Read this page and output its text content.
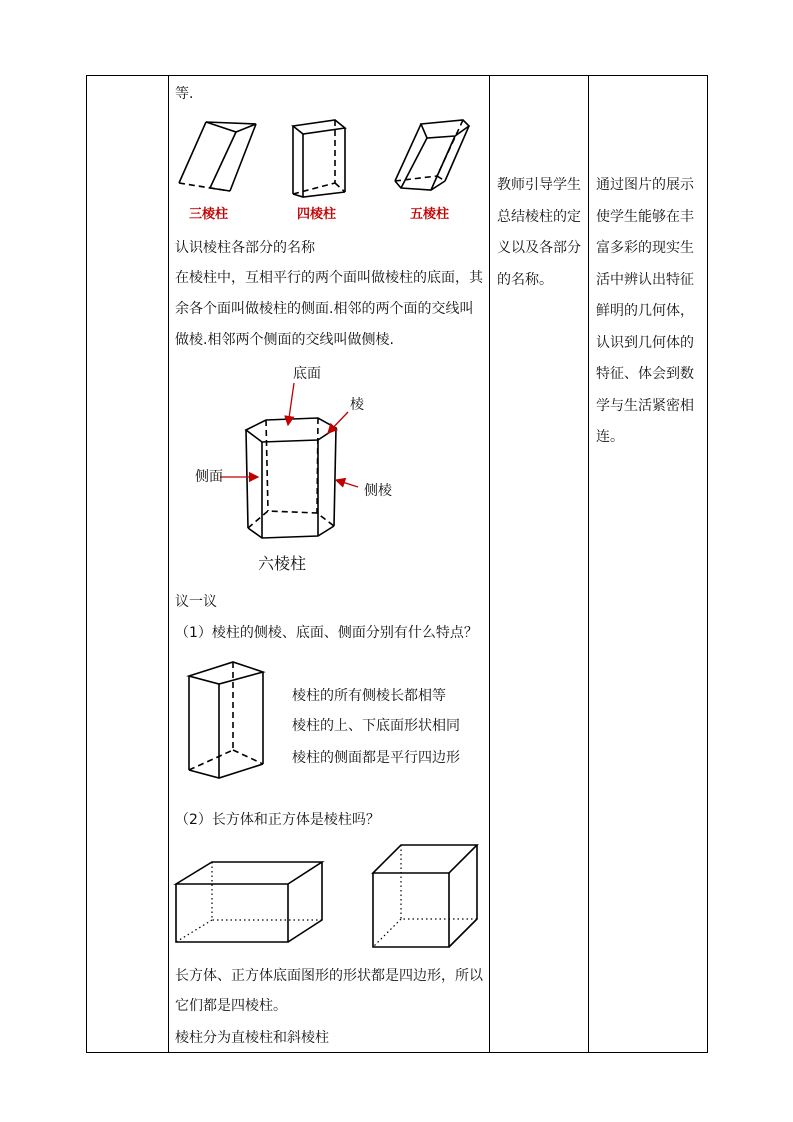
等.
三棱柱	四棱柱	五棱柱
认识棱柱各部分的名称
在棱柱中，互相平行的两个面叫做棱柱的底面，其
余各个面叫做棱柱的侧面.相邻的两个面的交线叫
做棱.相邻两个侧面的交线叫做侧棱.
底面
棱
侧面
侧棱
六棱柱
议一议
（1）棱柱的侧棱、底面、侧面分别有什么特点？
棱柱的所有侧棱长都相等
棱柱的上、下底面形状相同
棱柱的侧面都是平行四边形
（2）长方体和正方体是棱柱吗？
长方体、正方体底面图形的形状都是四边形，所以
它们都是四棱柱。
棱柱分为直棱柱和斜棱柱
教师引导学生总结棱柱的定义以及各部分的名称。
通过图片的展示使学生能够在丰富多彩的现实生活中辨认出特征鲜明的几何体，认识到几何体的特征、体会到数学与生活紧密相连。
